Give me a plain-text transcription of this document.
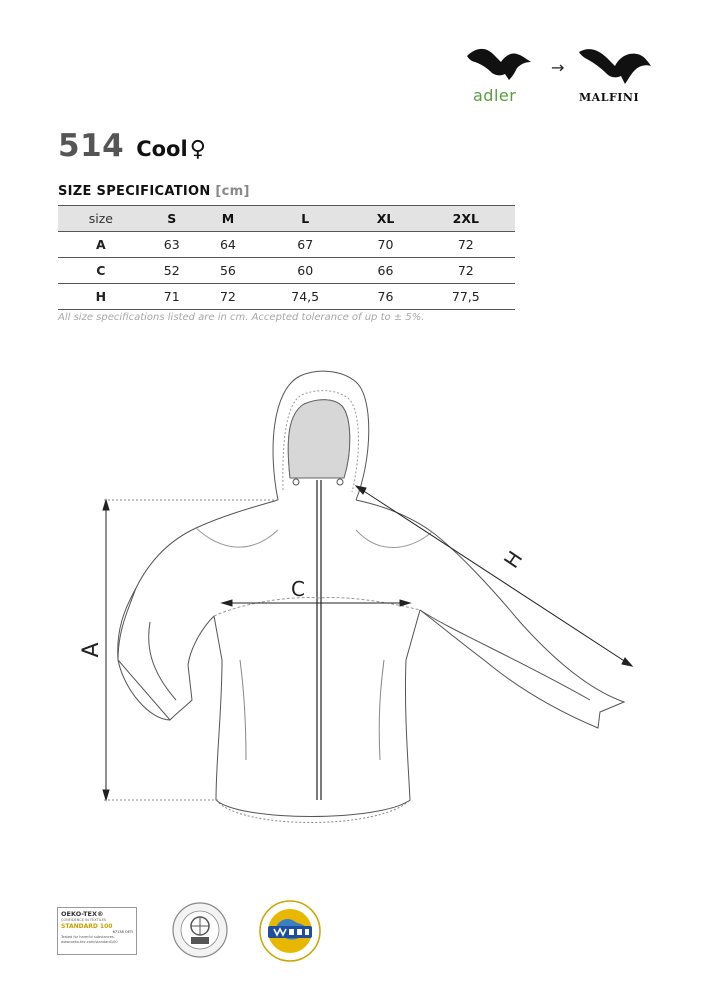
adler
→
MALFINI
514 Cool ♀
SIZE SPECIFICATION [cm]
size	S	M	L	XL	2XL
A	63	64	67	70	72
C	52	56	60	66	72
H	71	72	74,5	76	77,5
All size specifications listed are in cm. Accepted tolerance of up to ± 5%.
A
C
H
OEKO-TEX®
CONFIDENCE IN TEXTILES
STANDARD 100
67138 OETI
Tested for harmful substances. www.oeko-tex.com/standard100
